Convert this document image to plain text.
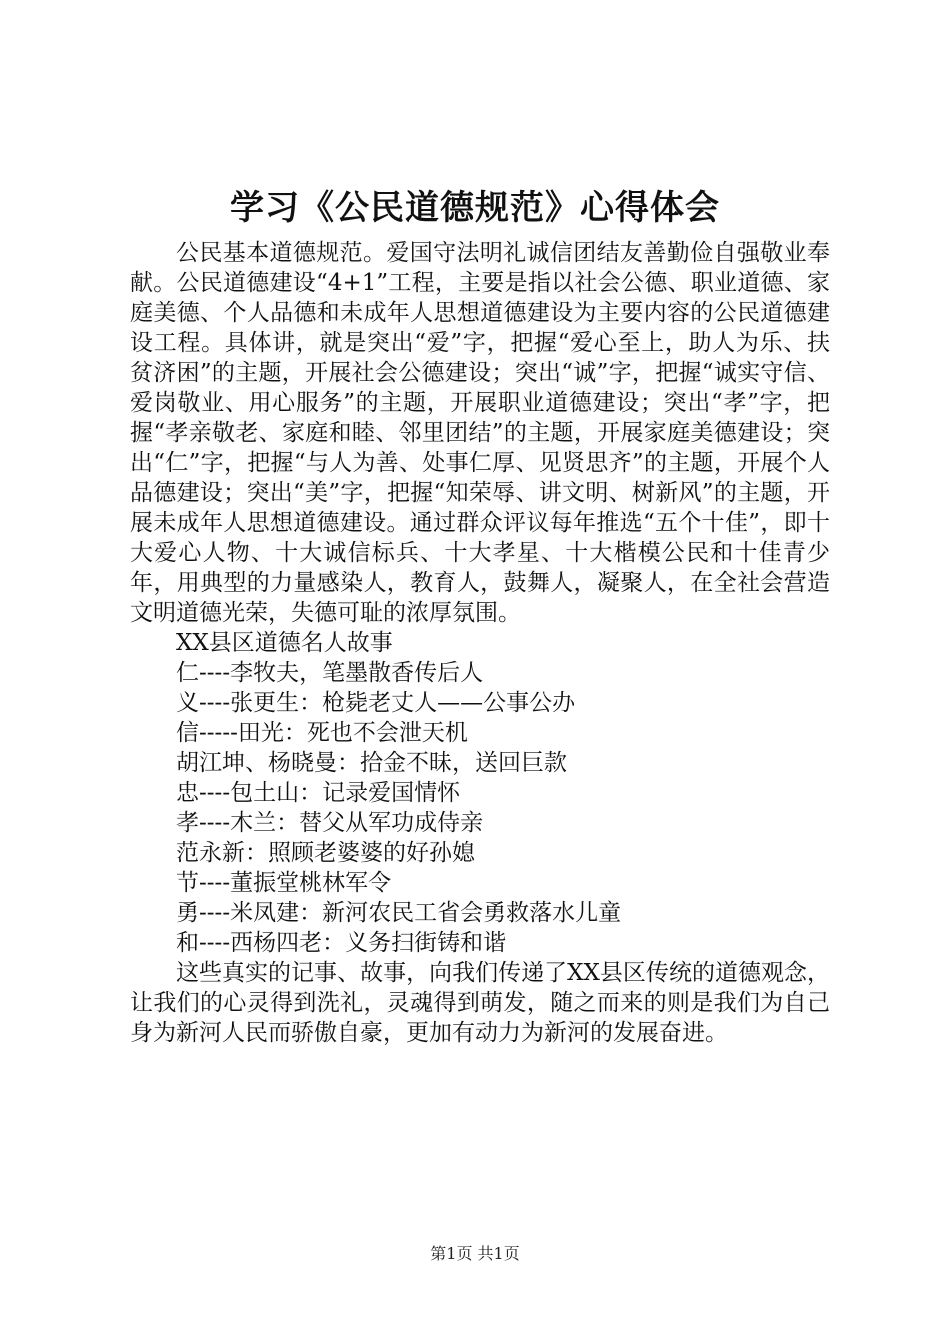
学习《公民道德规范》心得体会

公民基本道德规范。爱国守法明礼诚信团结友善勤俭自强敬业奉献。公民道德建设“4+1”工程，主要是指以社会公德、职业道德、家庭美德、个人品德和未成年人思想道德建设为主要内容的公民道德建设工程。具体讲，就是突出“爱”字，把握“爱心至上，助人为乐、扶贫济困”的主题，开展社会公德建设；突出“诚”字，把握“诚实守信、爱岗敬业、用心服务”的主题，开展职业道德建设；突出“孝”字，把握“孝亲敬老、家庭和睦、邻里团结”的主题，开展家庭美德建设；突出“仁”字，把握“与人为善、处事仁厚、见贤思齐”的主题，开展个人品德建设；突出“美”字，把握“知荣辱、讲文明、树新风”的主题，开展未成年人思想道德建设。通过群众评议每年推选“五个十佳”，即十大爱心人物、十大诚信标兵、十大孝星、十大楷模公民和十佳青少年，用典型的力量感染人，教育人，鼓舞人，凝聚人，在全社会营造文明道德光荣，失德可耻的浓厚氛围。

XX县区道德名人故事

仁----李牧夫，笔墨散香传后人

义----张更生：枪毙老丈人——公事公办

信-----田光：死也不会泄天机

胡江坤、杨晓曼：拾金不昧，送回巨款

忠----包土山：记录爱国情怀

孝----木兰：替父从军功成侍亲

范永新：照顾老婆婆的好孙媳

节----董振堂桃林军令

勇----米凤建：新河农民工省会勇救落水儿童

和----西杨四老：义务扫街铸和谐

这些真实的记事、故事，向我们传递了XX县区传统的道德观念，让我们的心灵得到洗礼，灵魂得到萌发，随之而来的则是我们为自己身为新河人民而骄傲自豪，更加有动力为新河的发展奋进。

第1页 共1页
